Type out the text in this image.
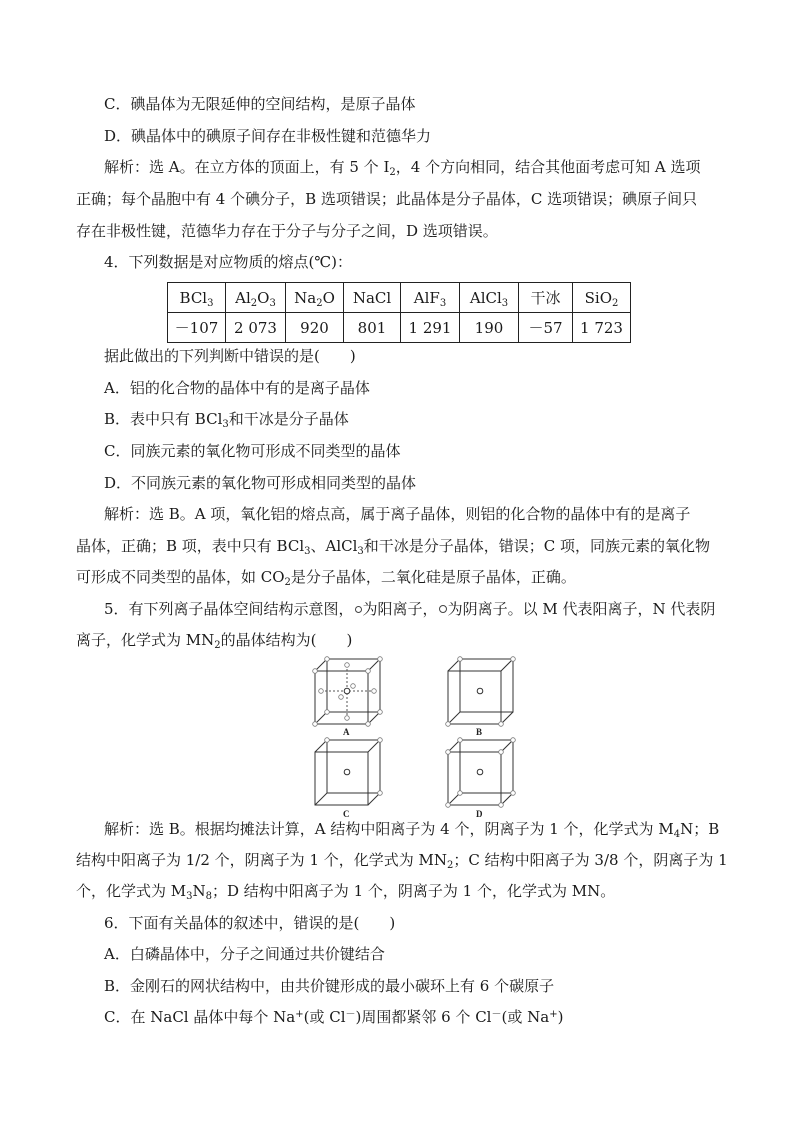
C．碘晶体为无限延伸的空间结构，是原子晶体
D．碘晶体中的碘原子间存在非极性键和范德华力
解析：选 A。在立方体的顶面上，有 5 个 $I_2$，4 个方向相同，结合其他面考虑可知 A 选项
正确；每个晶胞中有 4 个碘分子，B 选项错误；此晶体是分子晶体，C 选项错误；碘原子间只
存在非极性键，范德华力存在于分子与分子之间，D 选项错误。
4．下列数据是对应物质的熔点(℃)：
BCl$_3$	$Al_2O_3$	$Na_2O$	NaCl	AlF$_3$	AlCl$_3$	干冰	SiO$_2$
－107	2 073	920	801	1 291	190	－57	1 723
据此做出的下列判断中错误的是(　　)
A．铝的化合物的晶体中有的是离子晶体
B．表中只有 BCl$_3$和干冰是分子晶体
C．同族元素的氧化物可形成不同类型的晶体
D．不同族元素的氧化物可形成相同类型的晶体
解析：选 B。A 项，氧化铝的熔点高，属于离子晶体，则铝的化合物的晶体中有的是离子
晶体，正确；B 项，表中只有 BCl$_3$、AlCl$_3$和干冰是分子晶体，错误；C 项，同族元素的氧化物
可形成不同类型的晶体，如 $CO_2$是分子晶体，二氧化硅是原子晶体，正确。
5．有下列离子晶体空间结构示意图， 为阳离子， 为阴离子。以 M 代表阳离子，N 代表阴
离子，化学式为 $MN_2$的晶体结构为(　　)
A	B
C	D
解析：选 B。根据均摊法计算，A 结构中阳离子为 4 个，阴离子为 1 个，化学式为 $M_4N$；B
结构中阳离子为 1/2 个，阴离子为 1 个，化学式为 $MN_2$；C 结构中阳离子为 3/8 个，阴离子为 1
个，化学式为 $M_3N_8$；D 结构中阳离子为 1 个，阴离子为 1 个，化学式为 MN。
6．下面有关晶体的叙述中，错误的是(　　)
A．白磷晶体中，分子之间通过共价键结合
B．金刚石的网状结构中，由共价键形成的最小碳环上有 6 个碳原子
C．在 NaCl 晶体中每个 Na+(或 Cl－)周围都紧邻 6 个 Cl－(或 Na+)
